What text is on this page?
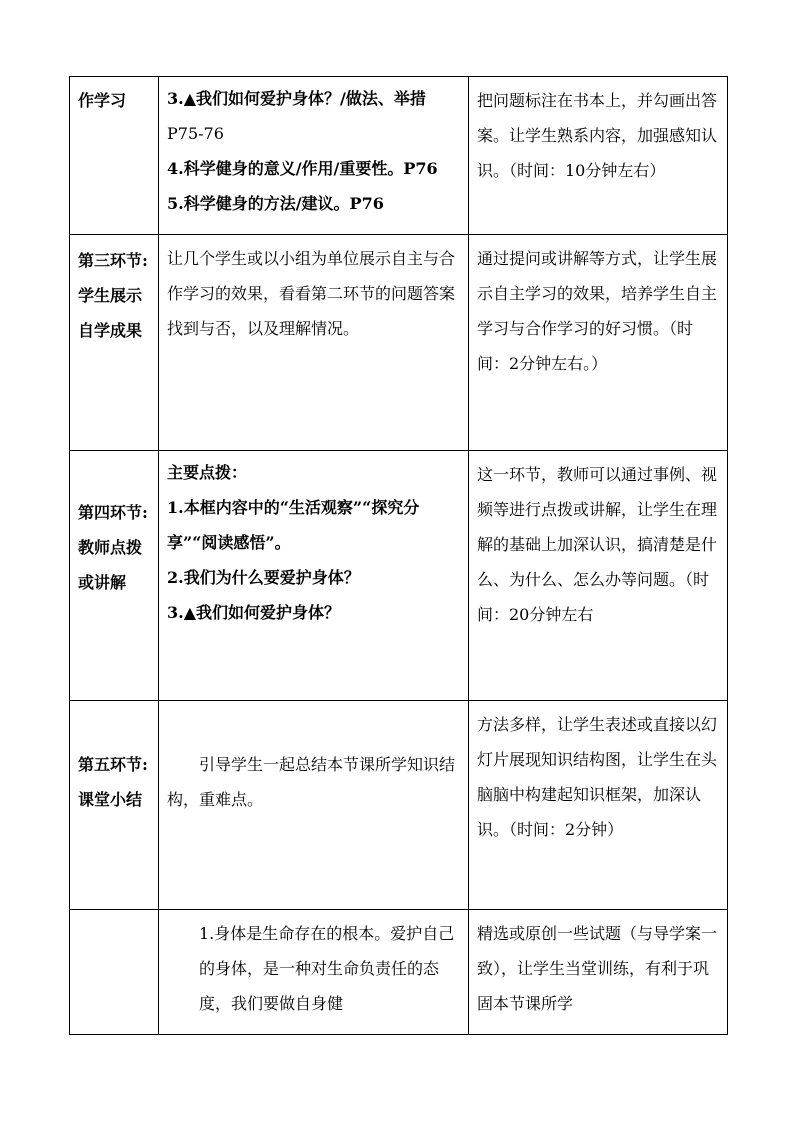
作学习	3.▲我们如何爱护身体？/做法、举措
P75-76
4.科学健身的意义/作用/重要性。P76
5.科学健身的方法/建议。P76	把问题标注在书本上，并勾画出答案。让学生熟系内容，加强感知认识。（时间：10分钟左右）

第三环节:
学生展示
自学成果	让几个学生或以小组为单位展示自主与合作学习的效果，看看第二环节的问题答案找到与否，以及理解情况。	通过提问或讲解等方式，让学生展示自主学习的效果，培养学生自主学习与合作学习的好习惯。（时间：2分钟左右。）

第四环节:
教师点拨
或讲解	主要点拨：
1.本框内容中的“生活观察”“探究分享”“阅读感悟”。
2.我们为什么要爱护身体？
3.▲我们如何爱护身体？	这一环节，教师可以通过事例、视频等进行点拨或讲解，让学生在理解的基础上加深认识，搞清楚是什么、为什么、怎么办等问题。（时间：20分钟左右

第五环节:
课堂小结	引导学生一起总结本节课所学知识结构，重难点。	方法多样，让学生表述或直接以幻灯片展现知识结构图，让学生在头脑脑中构建起知识框架，加深认识。（时间：2分钟）

	1.身体是生命存在的根本。爱护自己的身体，是一种对生命负责任的态度，我们要做自身健	精选或原创一些试题（与导学案一致），让学生当堂训练，有利于巩固本节课所学
